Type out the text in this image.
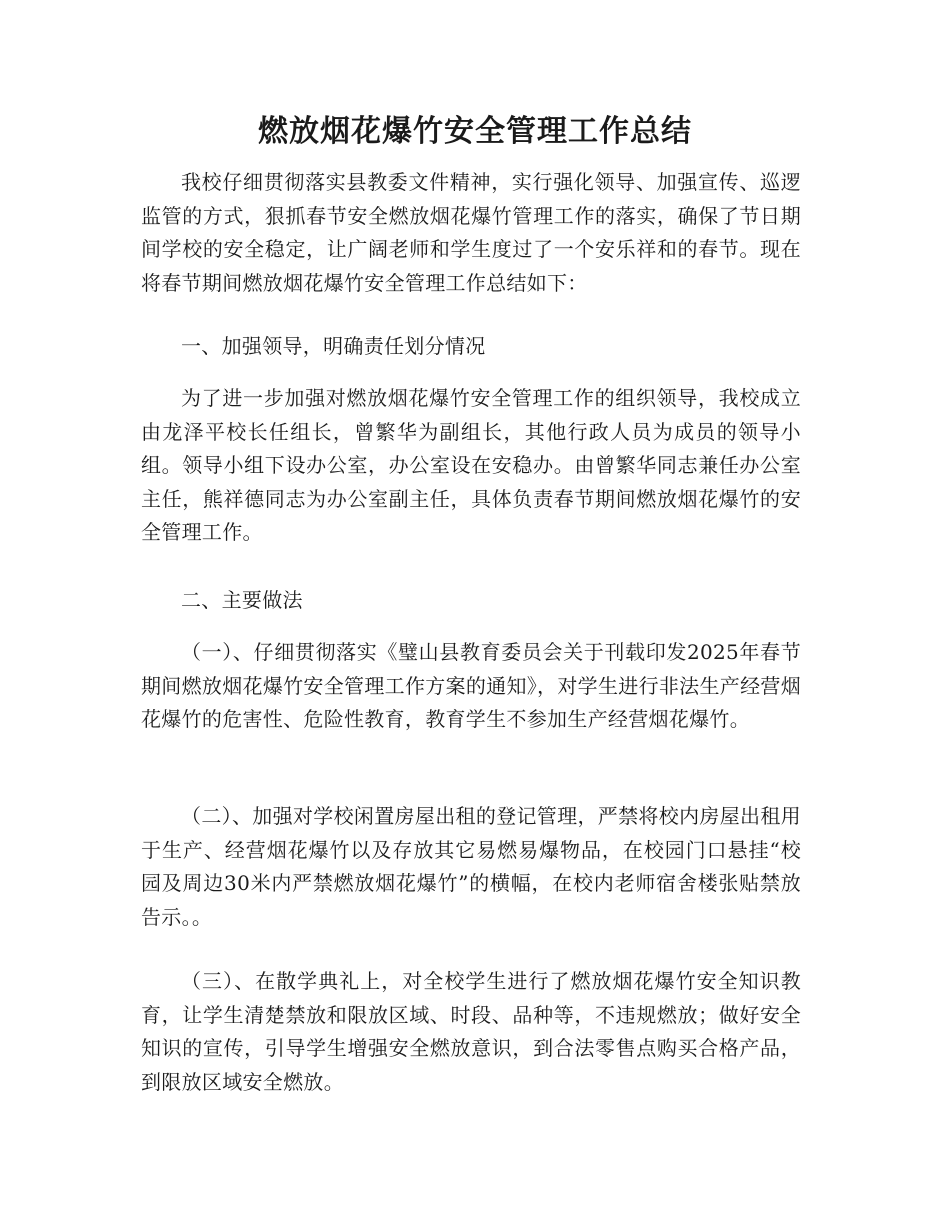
燃放烟花爆竹安全管理工作总结

我校仔细贯彻落实县教委文件精神，实行强化领导、加强宣传、巡逻监管的方式，狠抓春节安全燃放烟花爆竹管理工作的落实，确保了节日期间学校的安全稳定，让广阔老师和学生度过了一个安乐祥和的春节。现在将春节期间燃放烟花爆竹安全管理工作总结如下：

一、加强领导，明确责任划分情况

为了进一步加强对燃放烟花爆竹安全管理工作的组织领导，我校成立由龙泽平校长任组长，曾繁华为副组长，其他行政人员为成员的领导小组。领导小组下设办公室，办公室设在安稳办。由曾繁华同志兼任办公室主任，熊祥德同志为办公室副主任，具体负责春节期间燃放烟花爆竹的安全管理工作。

二、主要做法

（一）、仔细贯彻落实《璧山县教育委员会关于刊载印发2025年春节期间燃放烟花爆竹安全管理工作方案的通知》，对学生进行非法生产经营烟花爆竹的危害性、危险性教育，教育学生不参加生产经营烟花爆竹。

（二）、加强对学校闲置房屋出租的登记管理，严禁将校内房屋出租用于生产、经营烟花爆竹以及存放其它易燃易爆物品，在校园门口悬挂“校园及周边30米内严禁燃放烟花爆竹”的横幅，在校内老师宿舍楼张贴禁放告示。。

（三）、在散学典礼上，对全校学生进行了燃放烟花爆竹安全知识教育，让学生清楚禁放和限放区域、时段、品种等，不违规燃放；做好安全知识的宣传，引导学生增强安全燃放意识，到合法零售点购买合格产品，到限放区域安全燃放。
